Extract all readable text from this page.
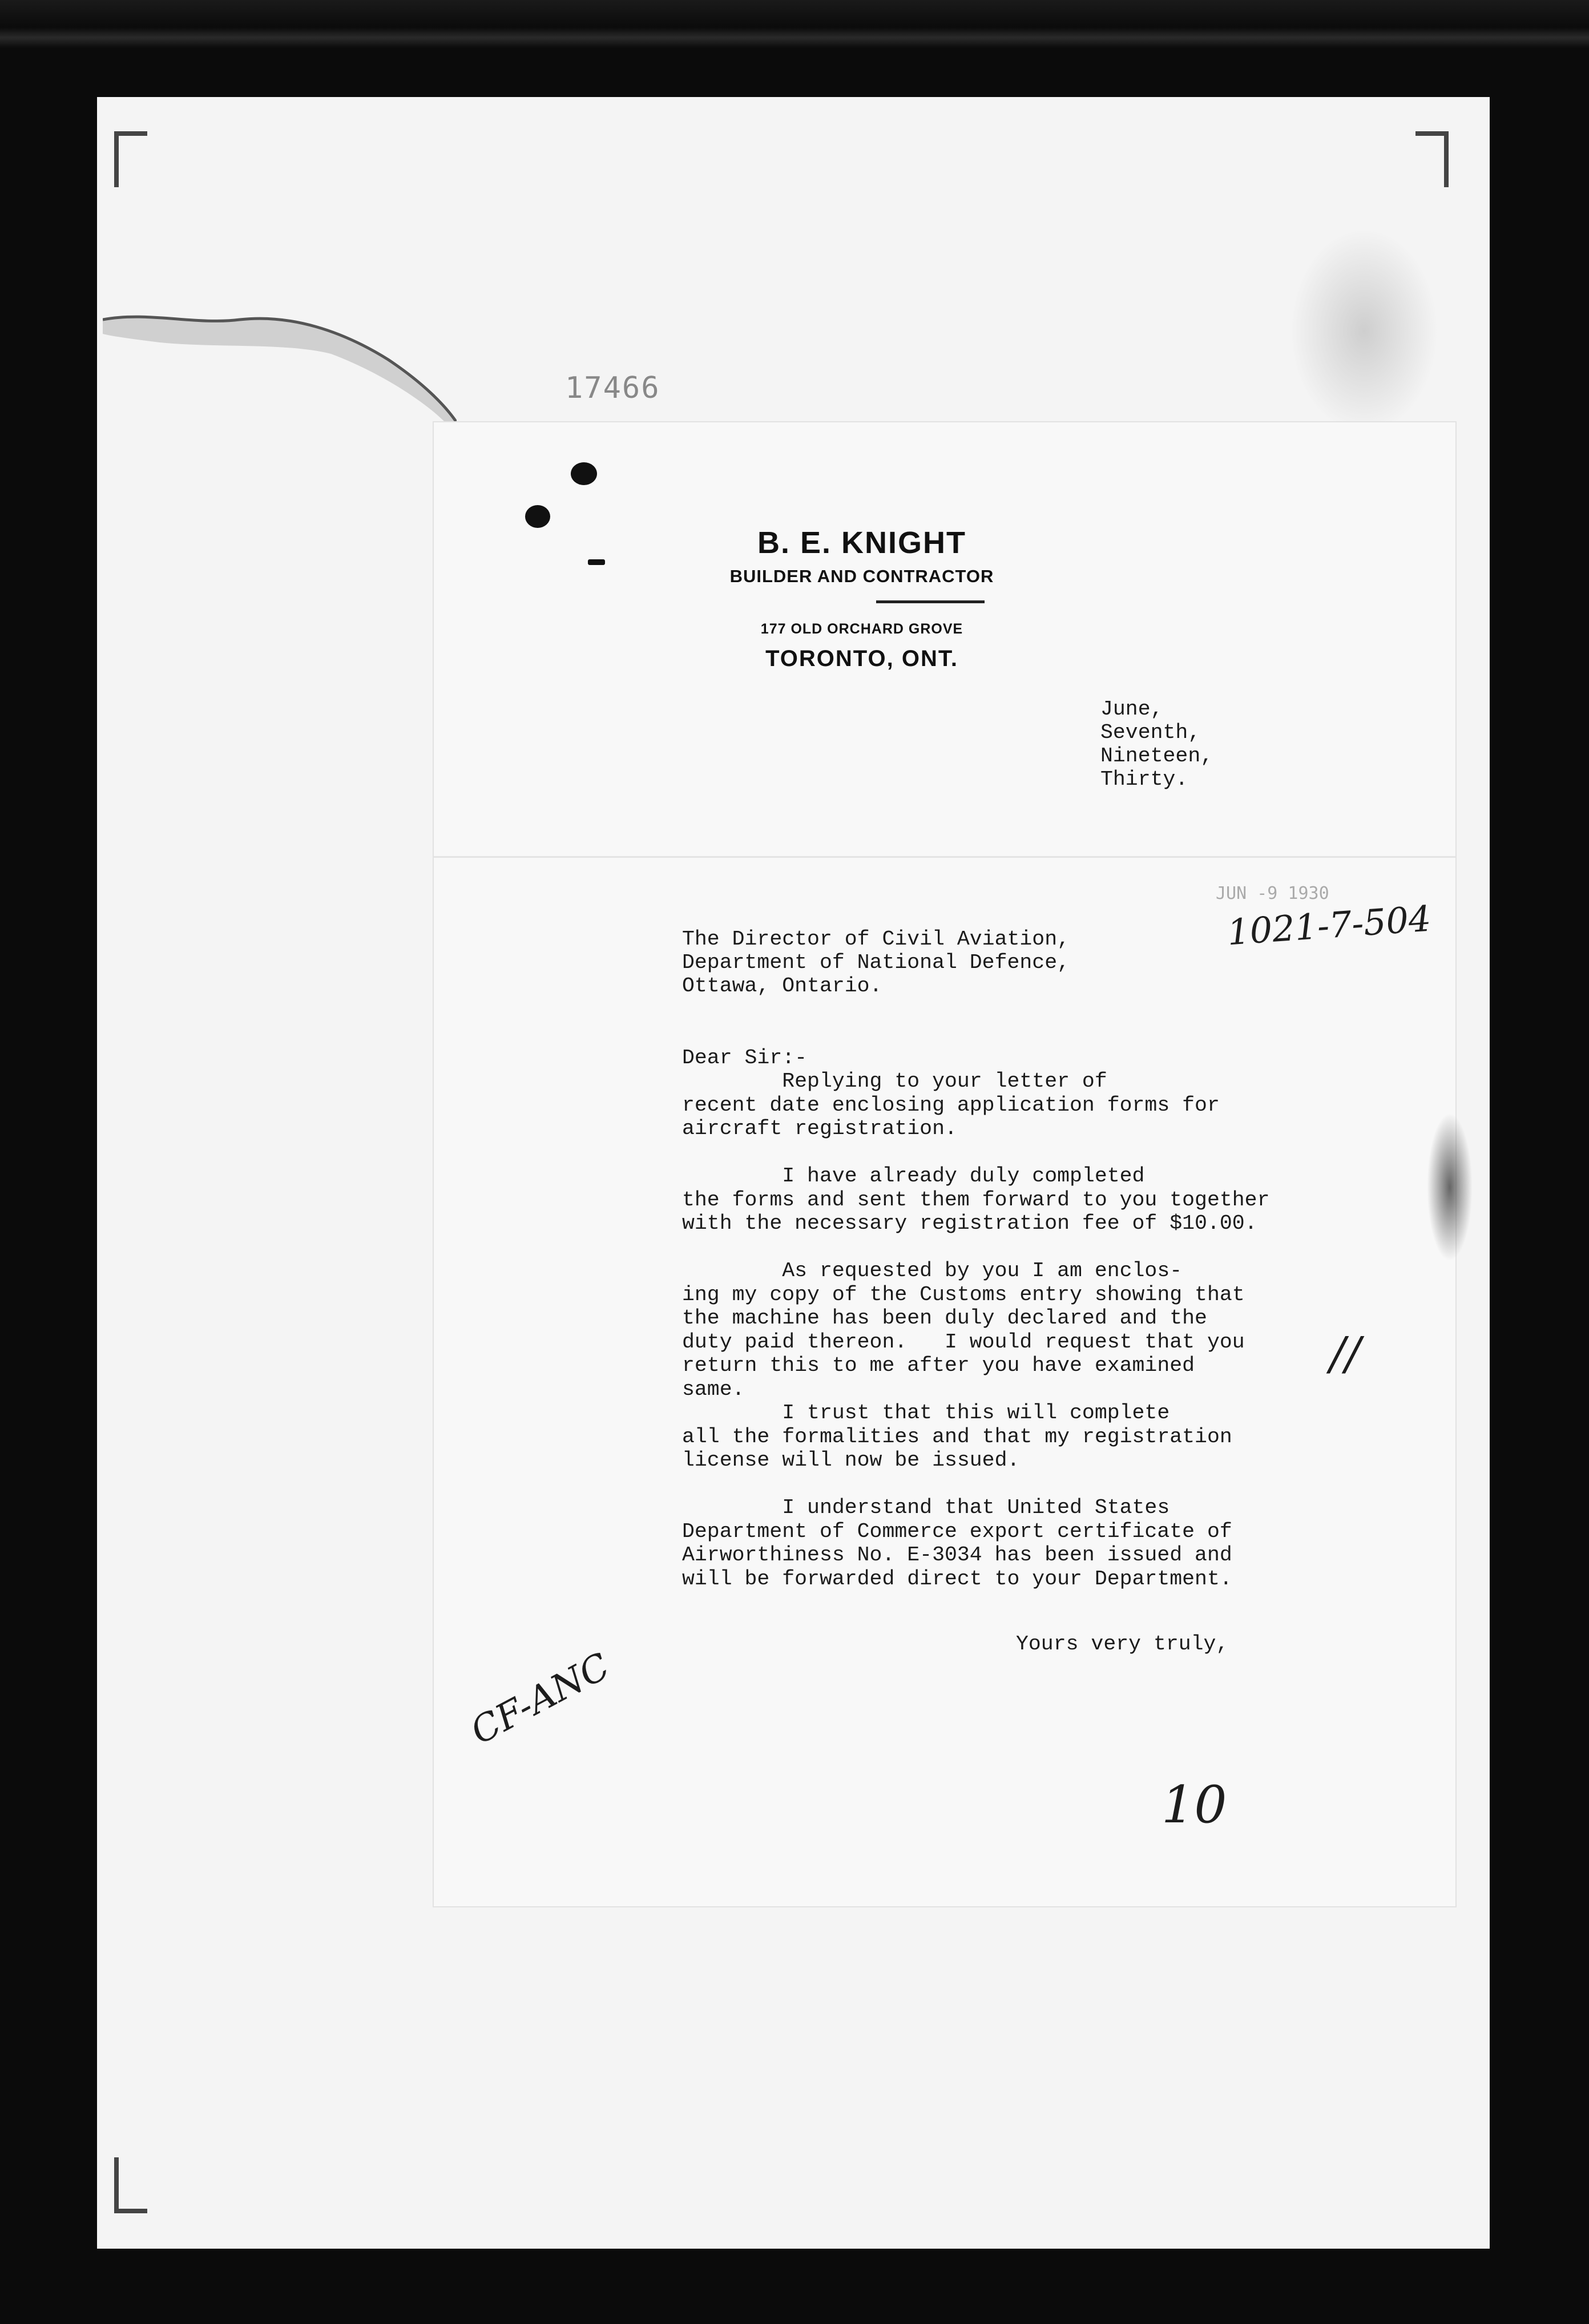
B. E. KNIGHT
BUILDER AND CONTRACTOR
177 OLD ORCHARD GROVE
TORONTO, ONT.
June,
Seventh,
Nineteen,
Thirty.
17466
JUN -9 1930
1021-7-504
The Director of Civil Aviation,
Department of National Defence,
Ottawa, Ontario.
Dear Sir:-
Replying to your letter of
recent date enclosing application forms for
aircraft registration.
I have already duly completed
the forms and sent them forward to you together
with the necessary registration fee of $10.00.
As requested by you I am enclos-
ing my copy of the Customs entry showing that
the machine has been duly declared and the
duty paid thereon.   I would request that you
return this to me after you have examined
same.
I trust that this will complete
all the formalities and that my registration
license will now be issued.
I understand that United States
Department of Commerce export certificate of
Airworthiness No. E-3034 has been issued and
will be forwarded direct to your Department.
Yours very truly,
CF-ANC
//
10
